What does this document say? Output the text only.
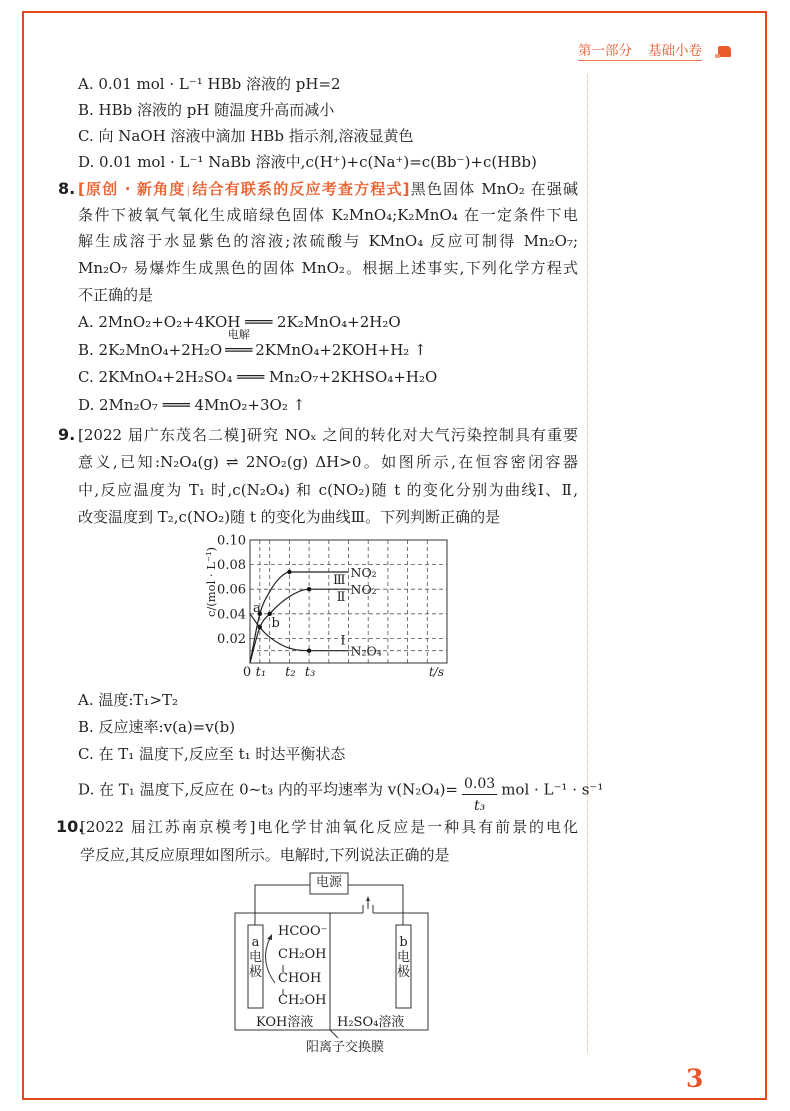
第一部分 基础小卷
A. 0.01 mol · L⁻¹ HBb 溶液的 pH=2
B. HBb 溶液的 pH 随温度升高而减小
C. 向 NaOH 溶液中滴加 HBb 指示剂,溶液显黄色
D. 0.01 mol · L⁻¹ NaBb 溶液中,c(H⁺)+c(Na⁺)=c(Bb⁻)+c(HBb)
8. [原创 · 新角度|结合有联系的反应考查方程式]黑色固体 MnO₂ 在强碱
条件下被氧气氧化生成暗绿色固体 K₂MnO₄;K₂MnO₄ 在一定条件下电
解生成溶于水显紫色的溶液;浓硫酸与 KMnO₄ 反应可制得 Mn₂O₇;
Mn₂O₇ 易爆炸生成黑色的固体 MnO₂。根据上述事实,下列化学方程式
不正确的是
A. 2MnO₂+O₂+4KOH ═══ 2K₂MnO₄+2H₂O
B. 2K₂MnO₄+2H₂O
电解
═══ 2KMnO₄+2KOH+H₂ ↑
C. 2KMnO₄+2H₂SO₄ ═══ Mn₂O₇+2KHSO₄+H₂O
D. 2Mn₂O₇ ═══ 4MnO₂+3O₂ ↑
9. [2022 届广东茂名二模]研究 NOₓ 之间的转化对大气污染控制具有重要
意义,已知:N₂O₄(g) ⇌ 2NO₂(g) ΔH>0。如图所示,在恒容密闭容器
中,反应温度为 T₁ 时,c(N₂O₄) 和 c(NO₂)随 t 的变化分别为曲线Ⅰ、Ⅱ,
改变温度到 T₂,c(NO₂)随 t 的变化为曲线Ⅲ。下列判断正确的是
0.02
0.04
0.06
0.08
0.10
0 t₁ t₂ t₃	t/s
c/(mol · L⁻¹)	Ⅲ
NO₂
Ⅱ
NO₂
Ⅰ
N₂O₄
a
b
A. 温度:T₁>T₂
B. 反应速率:v(a)=v(b)
C. 在 T₁ 温度下,反应至 t₁ 时达平衡状态
D. 在 T₁ 温度下,反应在 0~t₃ 内的平均速率为 $v(N_2O_4)= \frac{0.03}{\text{t₃}}$ mol · L⁻¹ · s⁻¹
10.
[2022 届江苏南京模考]电化学甘油氧化反应是一种具有前景的电化
学反应,其反应原理如图所示。电解时,下列说法正确的是
电源
a电极
b电极
HCOO⁻
CH₂OH
CHOH
CH₂OH
KOH溶液 H₂SO₄溶液
阳离子交换膜
3
